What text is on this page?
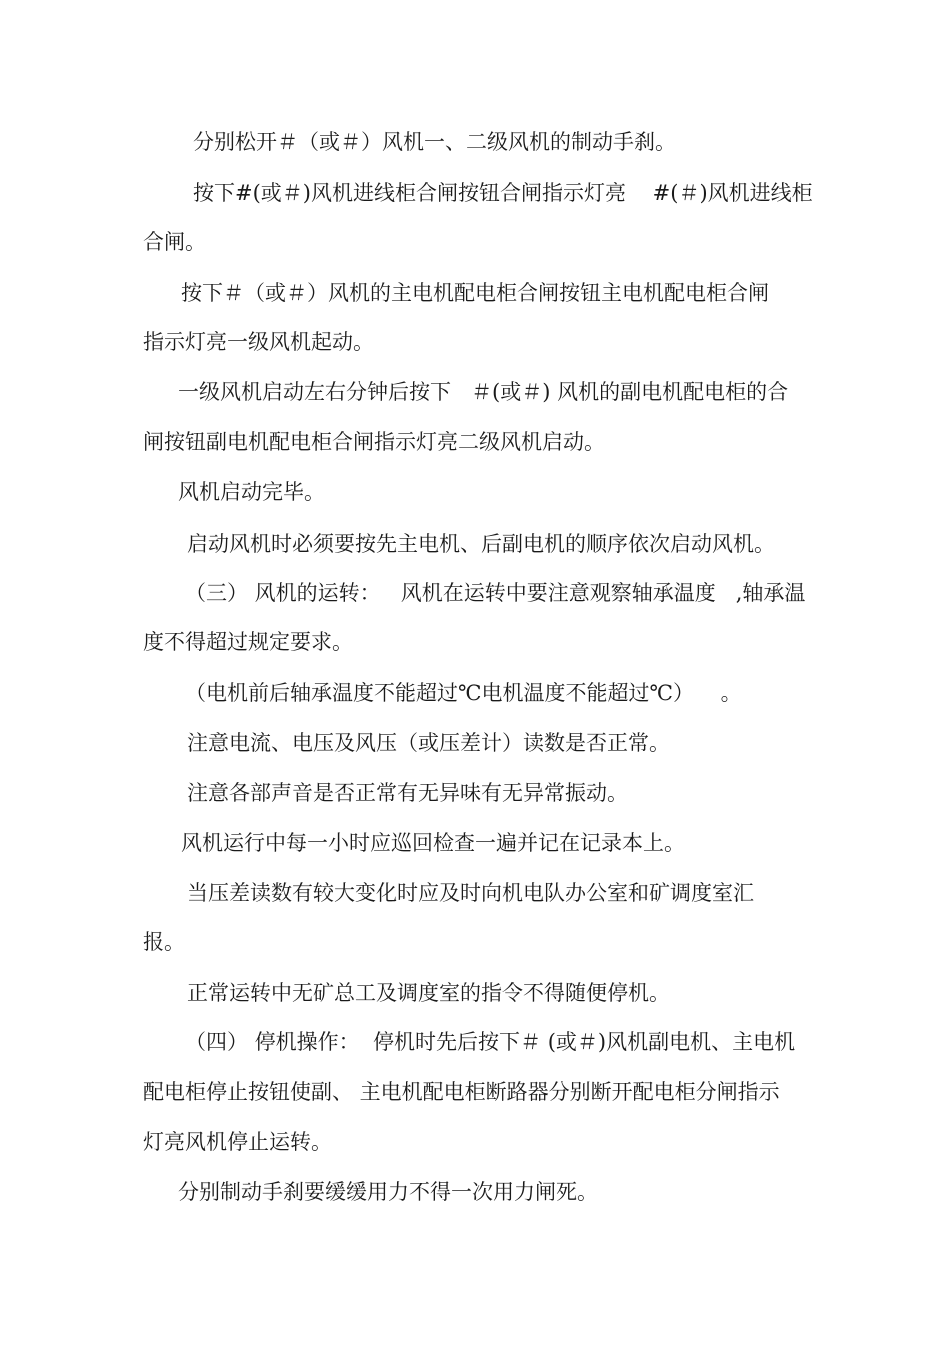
分别松开＃（或＃）风机一、二级风机的制动手刹。
按下#(或＃)风机进线柜合闸按钮合闸指示灯亮    #(＃)风机进线柜
合闸。
按下＃（或＃）风机的主电机配电柜合闸按钮主电机配电柜合闸
指示灯亮一级风机起动。
一级风机启动左右分钟后按下   ＃(或＃) 风机的副电机配电柜的合
闸按钮副电机配电柜合闸指示灯亮二级风机启动。
风机启动完毕。
启动风机时必须要按先主电机、后副电机的顺序依次启动风机。
（三） 风机的运转：   风机在运转中要注意观察轴承温度   ,轴承温
度不得超过规定要求。
（电机前后轴承温度不能超过℃电机温度不能超过℃）    。
注意电流、电压及风压（或压差计）读数是否正常。
注意各部声音是否正常有无异味有无异常振动。
风机运行中每一小时应巡回检查一遍并记在记录本上。
当压差读数有较大变化时应及时向机电队办公室和矿调度室汇
报。
正常运转中无矿总工及调度室的指令不得随便停机。
（四） 停机操作：  停机时先后按下＃ (或＃)风机副电机、主电机
配电柜停止按钮使副、 主电机配电柜断路器分别断开配电柜分闸指示
灯亮风机停止运转。
分别制动手刹要缓缓用力不得一次用力闸死。
